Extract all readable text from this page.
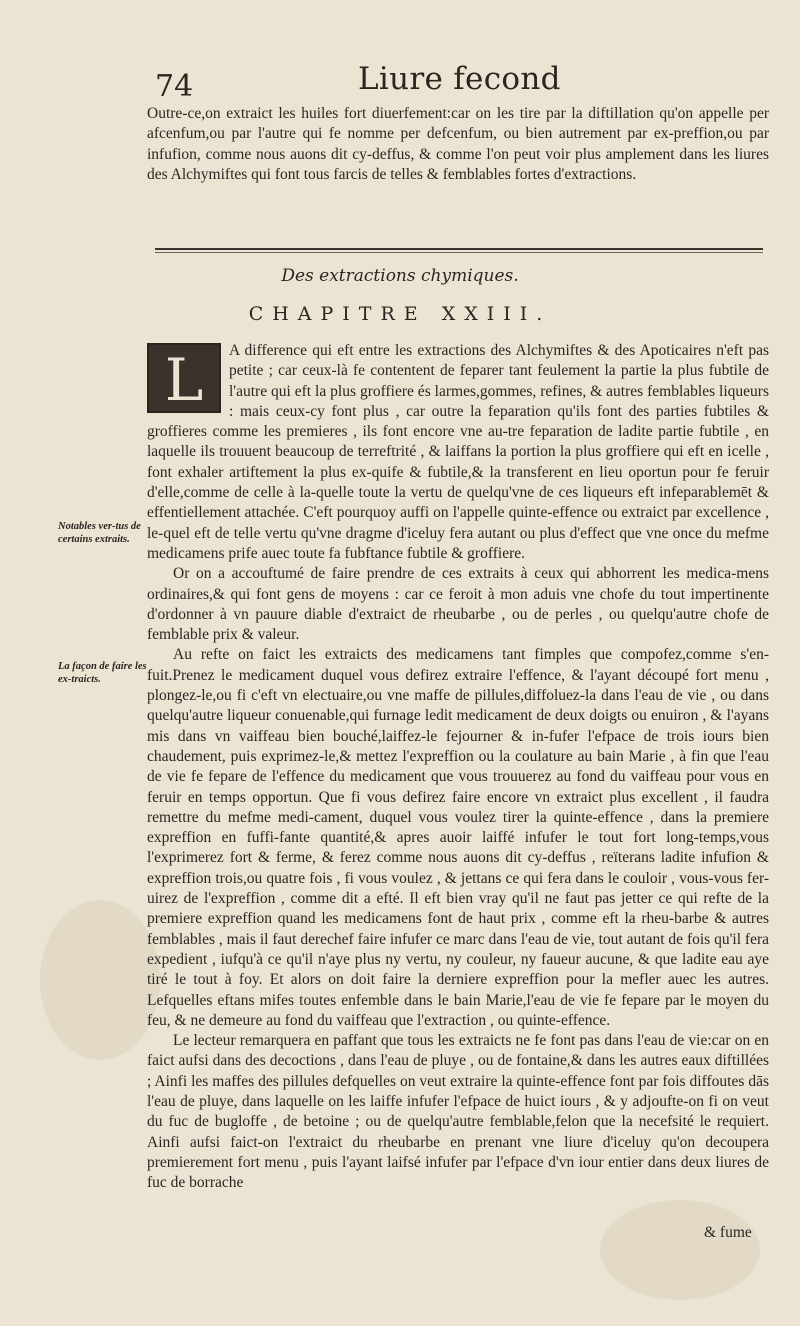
74	Liure fecond

Outre-ce,on extraict les huiles fort diuerfement:car on les tire par la diftillation qu'on appelle per afcenfum,ou par l'autre qui fe nomme per defcenfum, ou bien autrement par ex-preffion,ou par infufion, comme nous auons dit cy-deffus, & comme l'on peut voir plus amplement dans les liures des Alchymiftes qui font tous farcis de telles & femblables fortes d'extractions.

Des extractions chymiques.
CHAPITRE XXIII.
L	A difference qui eft entre les extractions des Alchymiftes & des Apoticaires n'eft pas petite ; car ceux-là fe contentent de feparer tant feulement la partie la plus fubtile de l'autre qui eft la plus groffiere és larmes,gommes, refines, & autres femblables liqueurs : mais ceux-cy font plus , car outre la feparation qu'ils font des parties fubtiles & groffieres comme les premieres , ils font encore vne au-tre feparation de ladite partie fubtile , en laquelle ils trouuent beaucoup de terreftrité , & laiffans la portion la plus groffiere qui eft en icelle , font exhaler artiftement la plus ex-quife & fubtile,& la transferent en lieu oportun pour fe feruir d'elle,comme de celle à la-quelle toute la vertu de quelqu'vne de ces liqueurs eft infeparablemēt & effentiellement attachée. C'eft pourquoy auffi on l'appelle quinte-effence ou extraict par excellence , le-quel eft de telle vertu qu'vne dragme d'iceluy fera autant ou plus d'effect que vne once du mefme medicamens prife auec toute fa fubftance fubtile & groffiere.

Or on a accouftumé de faire prendre de ces extraits à ceux qui abhorrent les medica-mens ordinaires,& qui font gens de moyens : car ce feroit à mon aduis vne chofe du tout impertinente d'ordonner à vn pauure diable d'extraict de rheubarbe , ou de perles , ou quelqu'autre chofe de femblable prix & valeur.

Au refte on faict les extraicts des medicamens tant fimples que compofez,comme s'en-fuit.Prenez le medicament duquel vous defirez extraire l'effence, & l'ayant découpé fort menu , plongez-le,ou fi c'eft vn electuaire,ou vne maffe de pillules,diffoluez-la dans l'eau de vie , ou dans quelqu'autre liqueur conuenable,qui furnage ledit medicament de deux doigts ou enuiron , & l'ayans mis dans vn vaiffeau bien bouché,laiffez-le fejourner & in-fufer l'efpace de trois iours bien chaudement, puis exprimez-le,& mettez l'expreffion ou la coulature au bain Marie , à fin que l'eau de vie fe fepare de l'effence du medicament que vous trouuerez au fond du vaiffeau pour vous en feruir en temps opportun. Que fi vous defirez faire encore vn extraict plus excellent , il faudra remettre du mefme medi-cament, duquel vous voulez tirer la quinte-effence , dans la premiere expreffion en fuffi-fante quantité,& apres auoir laiffé infufer le tout fort long-temps,vous l'exprimerez fort & ferme, & ferez comme nous auons dit cy-deffus , reïterans ladite infufion & expreffion trois,ou quatre fois , fi vous voulez , & jettans ce qui fera dans le couloir , vous-vous fer-uirez de l'expreffion , comme dit a efté. Il eft bien vray qu'il ne faut pas jetter ce qui refte de la premiere expreffion quand les medicamens font de haut prix , comme eft la rheu-barbe & autres femblables , mais il faut derechef faire infufer ce marc dans l'eau de vie, tout autant de fois qu'il fera expedient , iufqu'à ce qu'il n'aye plus ny vertu, ny couleur, ny faueur aucune, & que ladite eau aye tiré le tout à foy. Et alors on doit faire la derniere expreffion pour la mefler auec les autres. Lefquelles eftans mifes toutes enfemble dans le bain Marie,l'eau de vie fe fepare par le moyen du feu, & ne demeure au fond du vaiffeau que l'extraction , ou quinte-effence.

Le lecteur remarquera en paffant que tous les extraicts ne fe font pas dans l'eau de vie:car on en faict aufsi dans des decoctions , dans l'eau de pluye , ou de fontaine,& dans les autres eaux diftillées ; Ainfi les maffes des pillules defquelles on veut extraire la quinte-effence font par fois diffoutes dās l'eau de pluye, dans laquelle on les laiffe infufer l'efpace de huict iours , & y adjoufte-on fi on veut du fuc de bugloffe , de betoine ; ou de quelqu'autre femblable,felon que la necefsité le requiert. Ainfi aufsi faict-on l'extraict du rheubarbe en prenant vne liure d'iceluy qu'on decoupera premierement fort menu , puis l'ayant laifsé infufer par l'efpace d'vn iour entier dans deux liures de fuc de borrache

Notables ver-tus de certains extraits.
La façon de faire les ex-traicts.
& fume
